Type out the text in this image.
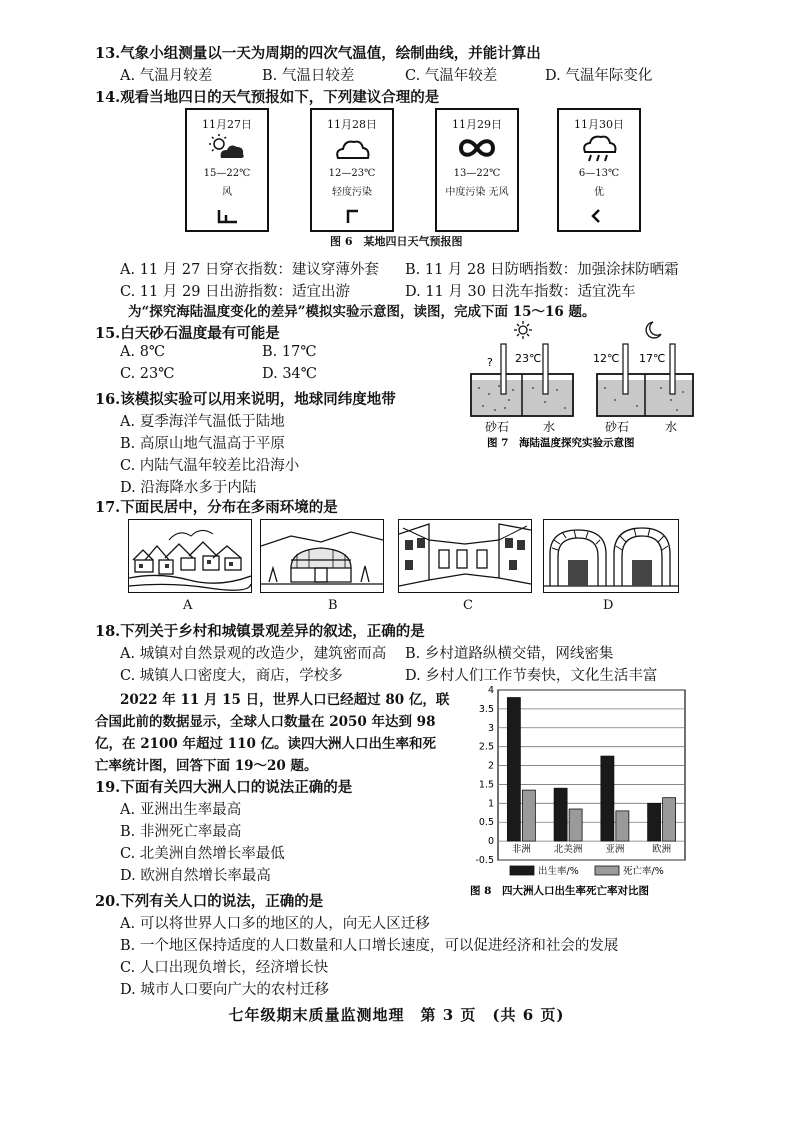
13.气象小组测量以一天为周期的四次气温值，绘制曲线，并能计算出
A. 气温月较差	B. 气温日较差	C. 气温年较差	D. 气温年际变化
14.观看当地四日的天气预报如下，下列建议合理的是
11月27日
15—22℃
风
11月28日
12—23℃
轻度污染
11月29日
13—22℃
中度污染 无风
11月30日
6—13℃
优
图 6　某地四日天气预报图
A. 11 月 27 日穿衣指数：建议穿薄外套 B. 11 月 28 日防晒指数：加强涂抹防晒霜
C. 11 月 29 日出游指数：适宜出游	D. 11 月 30 日洗车指数：适宜洗车
为“探究海陆温度变化的差异”模拟实验示意图，读图，完成下面 15～16 题。
15.白天砂石温度最有可能是
A. 8℃	B. 17℃
C. 23℃	D. 34℃
? 23℃	12℃ 17℃
砂石	水	砂石	水
图 7　海陆温度探究实验示意图
16.该模拟实验可以用来说明，地球同纬度地带
A. 夏季海洋气温低于陆地
B. 高原山地气温高于平原
C. 内陆气温年较差比沿海小
D. 沿海降水多于内陆
17.下面民居中，分布在多雨环境的是
A	B	C	D
18.下列关于乡村和城镇景观差异的叙述，正确的是
A. 城镇对自然景观的改造少，建筑密而高 B. 乡村道路纵横交错，网线密集
C. 城镇人口密度大，商店，学校多	D. 乡村人们工作节奏快，文化生活丰富
2022 年 11 月 15 日，世界人口已经超过 80 亿，联
合国此前的数据显示，全球人口数量在 2050 年达到 98
亿，在 2100 年超过 110 亿。读四大洲人口出生率和死
亡率统计图，回答下面 19～20 题。
19.下面有关四大洲人口的说法正确的是
A. 亚洲出生率最高
B. 非洲死亡率最高
C. 北美洲自然增长率最低
D. 欧洲自然增长率最高
4
3.5
3
2.5
2
1.5
1
0.5
0
-0.5
非洲 北美洲 亚洲	欧洲
出生率/%	死亡率/%
图 8　四大洲人口出生率死亡率对比图
20.下列有关人口的说法，正确的是
A. 可以将世界人口多的地区的人，向无人区迁移
B. 一个地区保持适度的人口数量和人口增长速度，可以促进经济和社会的发展
C. 人口出现负增长，经济增长快
D. 城市人口要向广大的农村迁移
七年级期末质量监测地理　第 3 页　(共 6 页)
